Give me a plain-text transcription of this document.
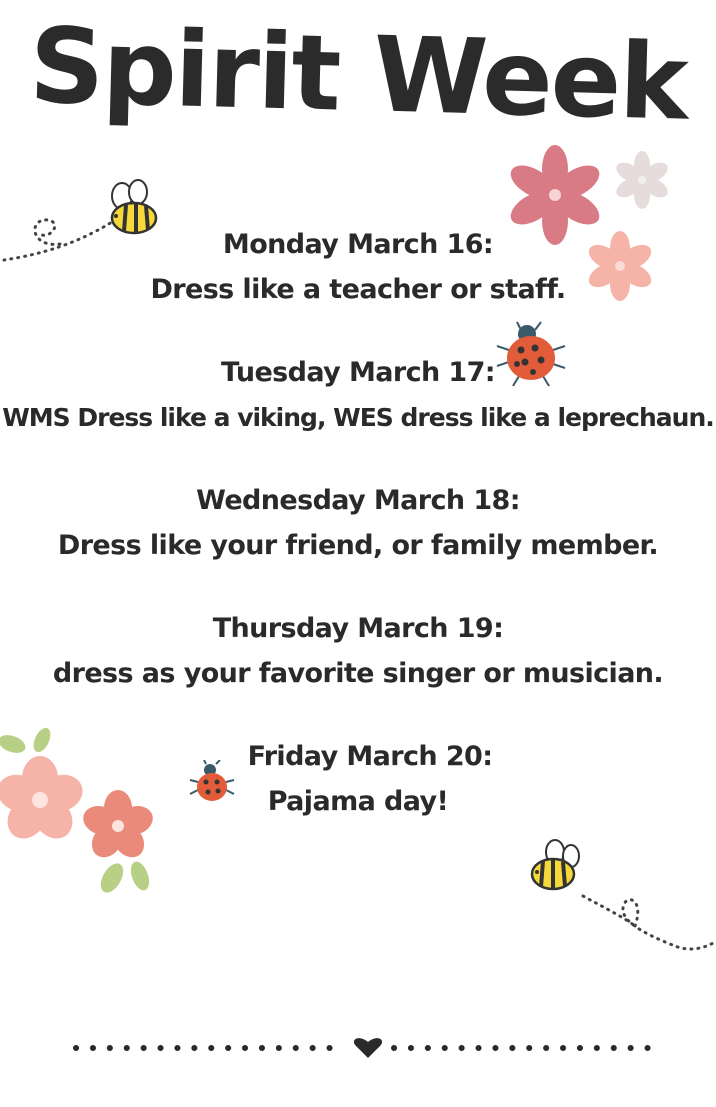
Spirit Week
Monday March 16:
Dress like a teacher or staff.
Tuesday March 17:
WMS Dress like a viking, WES dress like a leprechaun.
Wednesday March 18:
Dress like your friend, or family member.
Thursday March 19:
dress as your favorite singer or musician.
Friday March 20:
Pajama day!
